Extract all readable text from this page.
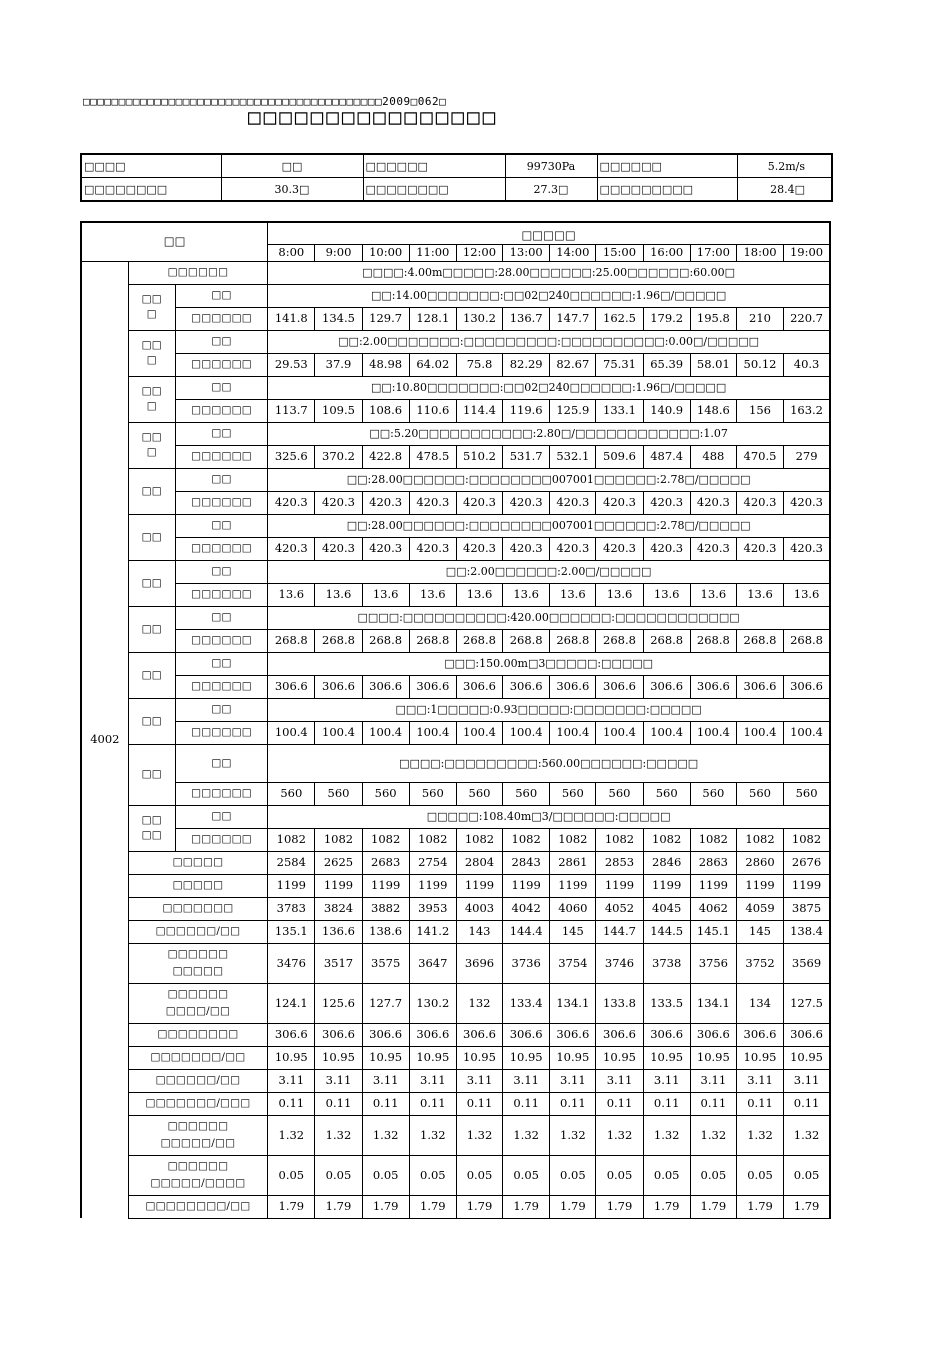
□□□□□□□□□□□□□□□□□□□□□□□□□□□□□□□□□□□□□□□□□□2009□062□
□□□□□□□□□□□□□□□□
□□□□	□□	□□□□□□	99730Pa	□□□□□□	5.2m/s
□□□□□□□□	30.3□	□□□□□□□□	27.3□	□□□□□□□□□	28.4□
□□			□□□□□											
			8:00	9:00	10:00	11:00	12:00	13:00	14:00	15:00	16:00	17:00	18:00	19:00
4002	□□□□□□		□□□□:4.00m□□□□□:28.00□□□□□□:25.00□□□□□□:60.00□											
	□□
□	□□	□□:14.00□□□□□□□:□□02□240□□□□□□:1.96□/□□□□□											
		□□□□□□	141.8	134.5	129.7	128.1	130.2	136.7	147.7	162.5	179.2	195.8	210	220.7
	□□
□	□□	□□:2.00□□□□□□□:□□□□□□□□□:□□□□□□□□□□:0.00□/□□□□□											
		□□□□□□	29.53	37.9	48.98	64.02	75.8	82.29	82.67	75.31	65.39	58.01	50.12	40.3
	□□
□	□□	□□:10.80□□□□□□□:□□02□240□□□□□□:1.96□/□□□□□											
		□□□□□□	113.7	109.5	108.6	110.6	114.4	119.6	125.9	133.1	140.9	148.6	156	163.2
	□□
□	□□	□□:5.20□□□□□□□□□□□:2.80□/□□□□□□□□□□□□:1.07											
		□□□□□□	325.6	370.2	422.8	478.5	510.2	531.7	532.1	509.6	487.4	488	470.5	279
	□□	□□	□□:28.00□□□□□□:□□□□□□□□007001□□□□□□:2.78□/□□□□□											
		□□□□□□	420.3	420.3	420.3	420.3	420.3	420.3	420.3	420.3	420.3	420.3	420.3	420.3
	□□	□□	□□:28.00□□□□□□:□□□□□□□□007001□□□□□□:2.78□/□□□□□											
		□□□□□□	420.3	420.3	420.3	420.3	420.3	420.3	420.3	420.3	420.3	420.3	420.3	420.3
	□□	□□	□□:2.00□□□□□□:2.00□/□□□□□											
		□□□□□□	13.6	13.6	13.6	13.6	13.6	13.6	13.6	13.6	13.6	13.6	13.6	13.6
	□□	□□	□□□□:□□□□□□□□□□:420.00□□□□□□:□□□□□□□□□□□□											
		□□□□□□	268.8	268.8	268.8	268.8	268.8	268.8	268.8	268.8	268.8	268.8	268.8	268.8
	□□	□□	□□□:150.00m□3□□□□□:□□□□□											
		□□□□□□	306.6	306.6	306.6	306.6	306.6	306.6	306.6	306.6	306.6	306.6	306.6	306.6
	□□	□□	□□□:1□□□□□:0.93□□□□□:□□□□□□□:□□□□□											
		□□□□□□	100.4	100.4	100.4	100.4	100.4	100.4	100.4	100.4	100.4	100.4	100.4	100.4
	□□	□□	□□□□:□□□□□□□□□:560.00□□□□□□:□□□□□											
		□□□□□□	560	560	560	560	560	560	560	560	560	560	560	560
	□□
□□	□□	□□□□□:108.40m□3/□□□□□□:□□□□□											
		□□□□□□	1082	1082	1082	1082	1082	1082	1082	1082	1082	1082	1082	1082
	□□□□□		2584	2625	2683	2754	2804	2843	2861	2853	2846	2863	2860	2676
	□□□□□		1199	1199	1199	1199	1199	1199	1199	1199	1199	1199	1199	1199
	□□□□□□□		3783	3824	3882	3953	4003	4042	4060	4052	4045	4062	4059	3875
	□□□□□□/□□		135.1	136.6	138.6	141.2	143	144.4	145	144.7	144.5	145.1	145	138.4
	□□□□□□
□□□□□		3476	3517	3575	3647	3696	3736	3754	3746	3738	3756	3752	3569
	□□□□□□
□□□□/□□		124.1	125.6	127.7	130.2	132	133.4	134.1	133.8	133.5	134.1	134	127.5
	□□□□□□□□		306.6	306.6	306.6	306.6	306.6	306.6	306.6	306.6	306.6	306.6	306.6	306.6
	□□□□□□□/□□		10.95	10.95	10.95	10.95	10.95	10.95	10.95	10.95	10.95	10.95	10.95	10.95
	□□□□□□/□□		3.11	3.11	3.11	3.11	3.11	3.11	3.11	3.11	3.11	3.11	3.11	3.11
	□□□□□□□/□□□		0.11	0.11	0.11	0.11	0.11	0.11	0.11	0.11	0.11	0.11	0.11	0.11
	□□□□□□
□□□□□/□□		1.32	1.32	1.32	1.32	1.32	1.32	1.32	1.32	1.32	1.32	1.32	1.32
	□□□□□□
□□□□□/□□□□		0.05	0.05	0.05	0.05	0.05	0.05	0.05	0.05	0.05	0.05	0.05	0.05
	□□□□□□□□/□□		1.79	1.79	1.79	1.79	1.79	1.79	1.79	1.79	1.79	1.79	1.79	1.79
